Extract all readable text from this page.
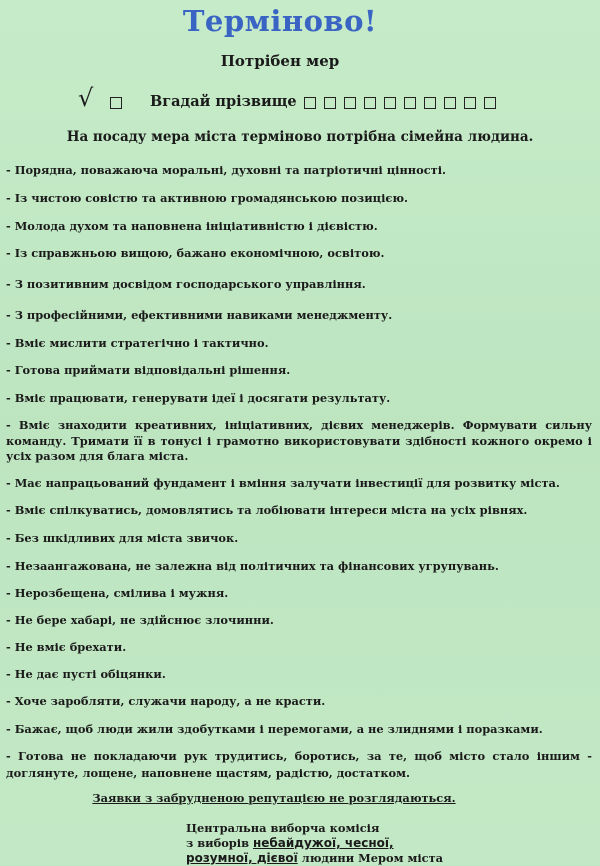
Терміново!
Потрібен мер
√	Вгадай прізвище
На посаду мера міста терміново потрібна сімейна людина.
- Порядна, поважаюча моральні, духовні та патріотичні цінності.
- Із чистою совістю та активною громадянською позицією.
- Молода духом та наповнена ініціативністю і дієвістю.
- Із справжньою вищою, бажано економічною, освітою.
- З позитивним досвідом господарського управління.
- З професійними, ефективними навиками менеджменту.
- Вміє мислити стратегічно і тактично.
- Готова приймати відповідальні рішення.
- Вміє працювати, генерувати ідеї і досягати результату.
- Вміє знаходити креативних, ініціативних, дієвих менеджерів. Формувати сильну команду. Тримати її в тонусі і грамотно використовувати здібності кожного окремо і усіх разом для блага міста.
- Має напрацьований фундамент і вміння залучати інвестиції для розвитку міста.
- Вміє спілкуватись, домовлятись та лобіювати інтереси міста на усіх рівнях.
- Без шкідливих для міста звичок.
- Незаангажована, не залежна від політичних та фінансових угрупувань.
- Нерозбещена, смілива і мужня.
- Не бере хабарі, не здійснює злочинни.
- Не вміє брехати.
- Не дає пусті обіцянки.
- Хоче заробляти, служачи народу, а не красти.
- Бажає, щоб люди жили здобутками і перемогами, а не злиднями і поразками.
- Готова не покладаючи рук трудитись, боротись, за те, щоб місто стало іншим - доглянуте, лощене, наповнене щастям, радістю, достатком.
Заявки з забрудненою репутацією не розглядаються.
Центральна виборча комісія
з виборів небайдужої, чесної,
розумної, дієвої людини Мером міста
